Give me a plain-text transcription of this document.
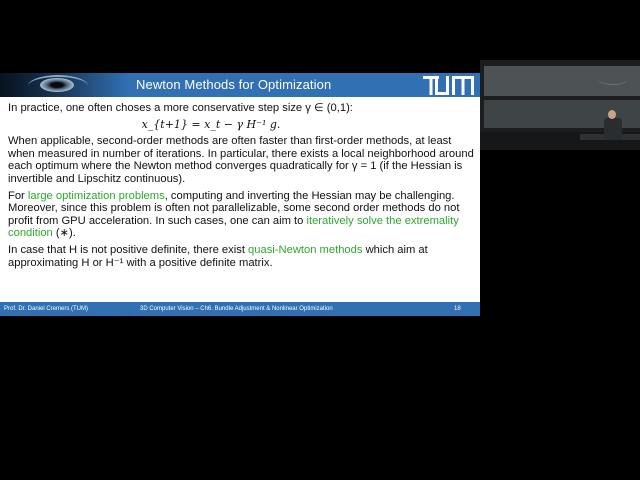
Newton Methods for Optimization

In practice, one often choses a more conservative step size γ ∈ (0,1):

x_{t+1} = x_t − γ H⁻¹ g.

When applicable, second-order methods are often faster than first-order methods, at least when measured in number of iterations. In particular, there exists a local neighborhood around each optimum where the Newton method converges quadratically for γ = 1 (if the Hessian is invertible and Lipschitz continuous).

For large optimization problems, computing and inverting the Hessian may be challenging. Moreover, since this problem is often not parallelizable, some second order methods do not profit from GPU acceleration. In such cases, one can aim to iteratively solve the extremality condition (∗).

In case that H is not positive definite, there exist quasi-Newton methods which aim at approximating H or H⁻¹ with a positive definite matrix.

Prof. Dr. Daniel Cremers (TUM)	3D Computer Vision – Ch6. Bundle Adjustment & Nonlinear Optimization	18
